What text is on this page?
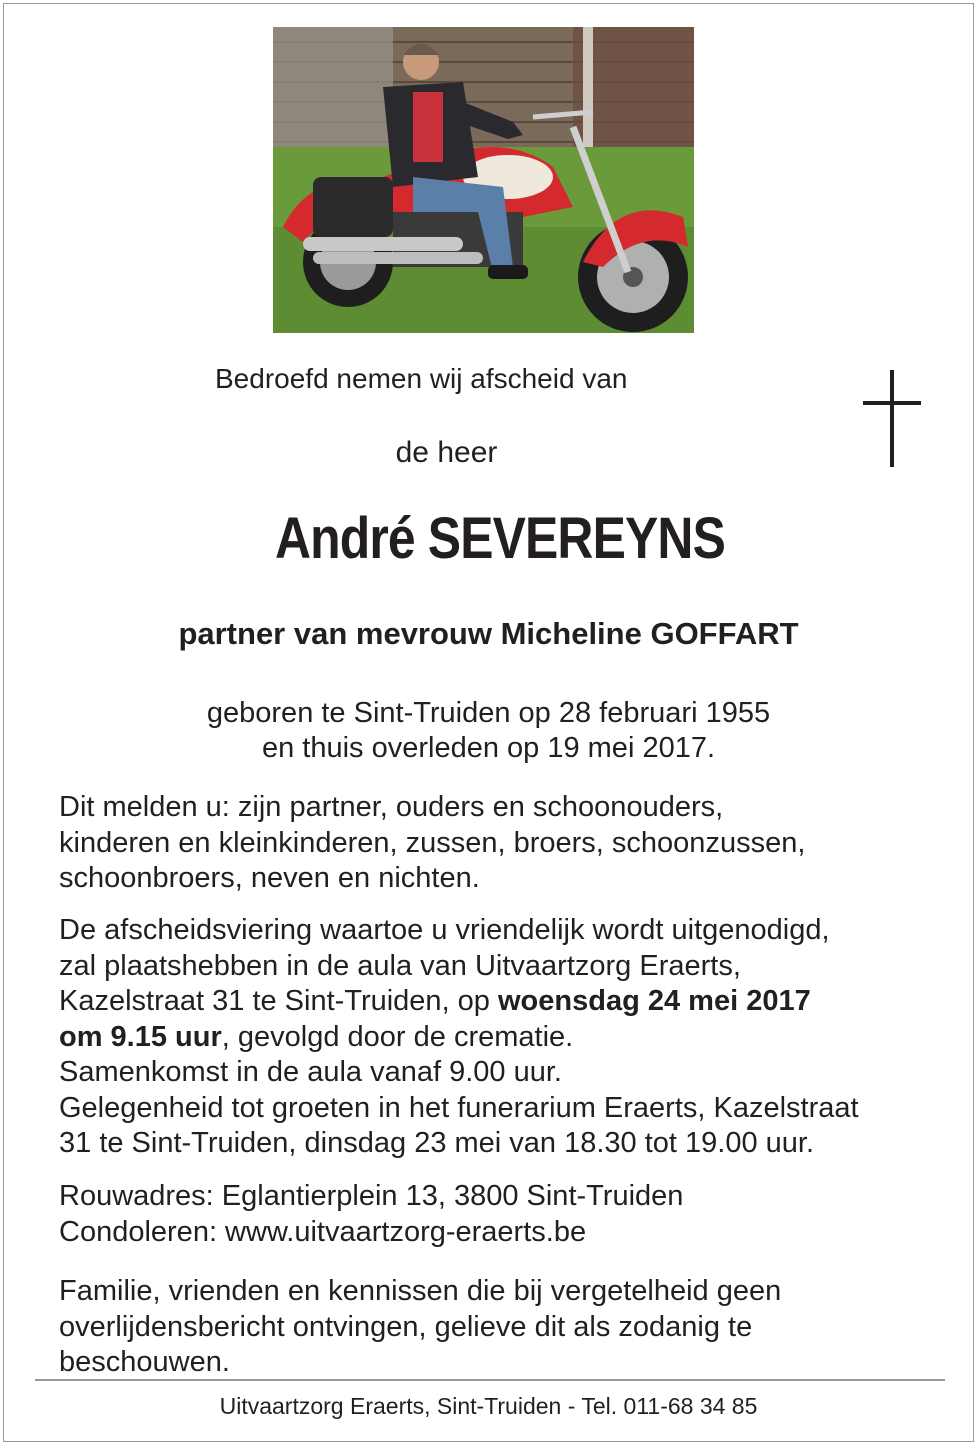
Bedroefd nemen wij afscheid van
de heer
André SEVEREYNS
partner van mevrouw Micheline GOFFART
geboren te Sint-Truiden op 28 februari 1955
en thuis overleden op 19 mei 2017.
Dit melden u: zijn partner, ouders en schoonouders,
kinderen en kleinkinderen, zussen, broers, schoonzussen,
schoonbroers, neven en nichten.
De afscheidsviering waartoe u vriendelijk wordt uitgenodigd,
zal plaatshebben in de aula van Uitvaartzorg Eraerts,
Kazelstraat 31 te Sint-Truiden, op woensdag 24 mei 2017
om 9.15 uur, gevolgd door de crematie.
Samenkomst in de aula vanaf 9.00 uur.
Gelegenheid tot groeten in het funerarium Eraerts, Kazelstraat
31 te Sint-Truiden, dinsdag 23 mei van 18.30 tot 19.00 uur.
Rouwadres: Eglantierplein 13, 3800 Sint-Truiden
Condoleren: www.uitvaartzorg-eraerts.be
Familie, vrienden en kennissen die bij vergetelheid geen
overlijdensbericht ontvingen, gelieve dit als zodanig te
beschouwen.
Uitvaartzorg Eraerts, Sint-Truiden - Tel. 011-68 34 85
